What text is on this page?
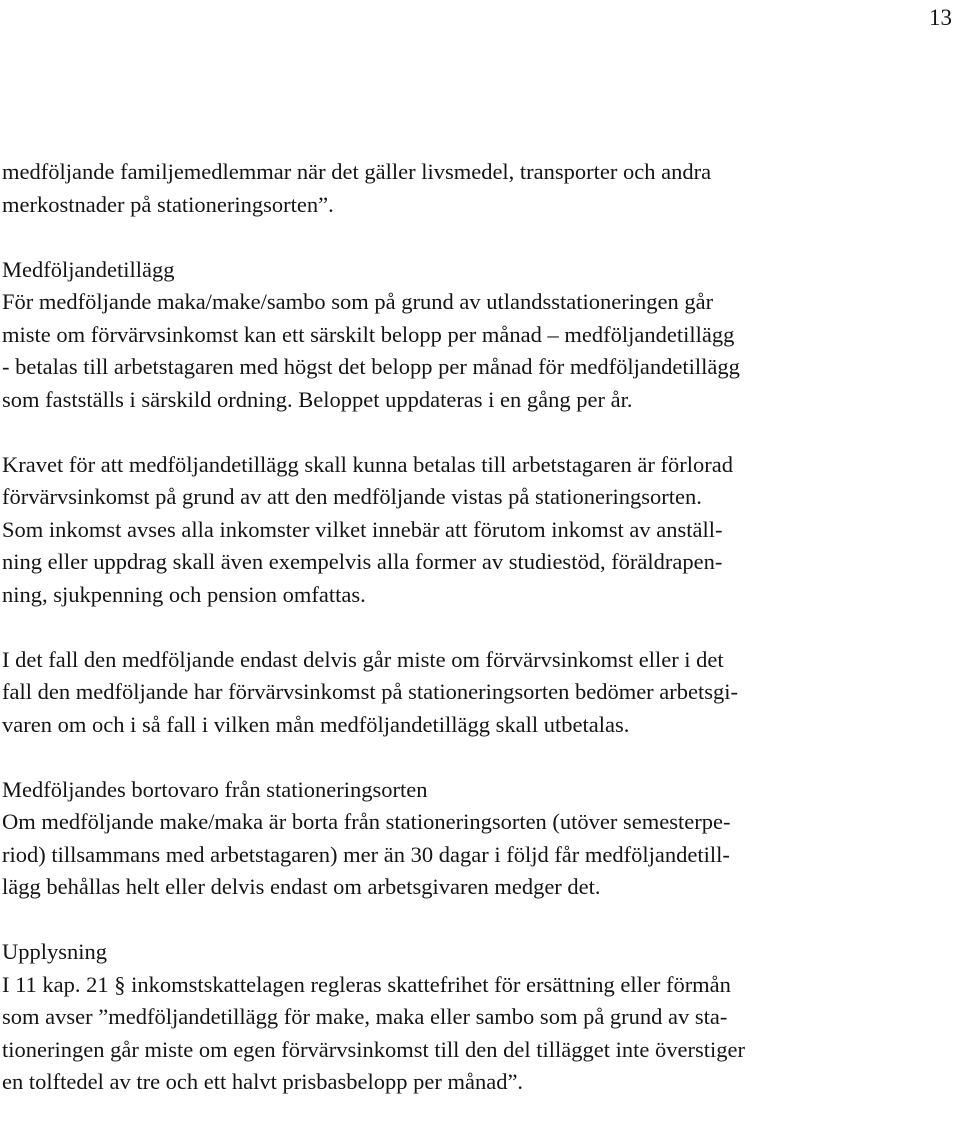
13
medföljande familjemedlemmar när det gäller livsmedel, transporter och andra
merkostnader på stationeringsorten”.
Medföljandetillägg
För medföljande maka/make/sambo som på grund av utlandsstationeringen går
miste om förvärvsinkomst kan ett särskilt belopp per månad – medföljandetillägg
- betalas till arbetstagaren med högst det belopp per månad för medföljandetillägg
som fastställs i särskild ordning. Beloppet uppdateras i en gång per år.
Kravet för att medföljandetillägg skall kunna betalas till arbetstagaren är förlorad
förvärvsinkomst på grund av att den medföljande vistas på stationeringsorten.
Som inkomst avses alla inkomster vilket innebär att förutom inkomst av anställ-
ning eller uppdrag skall även exempelvis alla former av studiestöd, föräldrapen-
ning, sjukpenning och pension omfattas.
I det fall den medföljande endast delvis går miste om förvärvsinkomst eller i det
fall den medföljande har förvärvsinkomst på stationeringsorten bedömer arbetsgi-
varen om och i så fall i vilken mån medföljandetillägg skall utbetalas.
Medföljandes bortovaro från stationeringsorten
Om medföljande make/maka är borta från stationeringsorten (utöver semesterpe-
riod) tillsammans med arbetstagaren) mer än 30 dagar i följd får medföljandetill-
lägg behållas helt eller delvis endast om arbetsgivaren medger det.
Upplysning
I 11 kap. 21 § inkomstskattelagen regleras skattefrihet för ersättning eller förmån
som avser ”medföljandetillägg för make, maka eller sambo som på grund av sta-
tioneringen går miste om egen förvärvsinkomst till den del tillägget inte överstiger
en tolftedel av tre och ett halvt prisbasbelopp per månad”.
